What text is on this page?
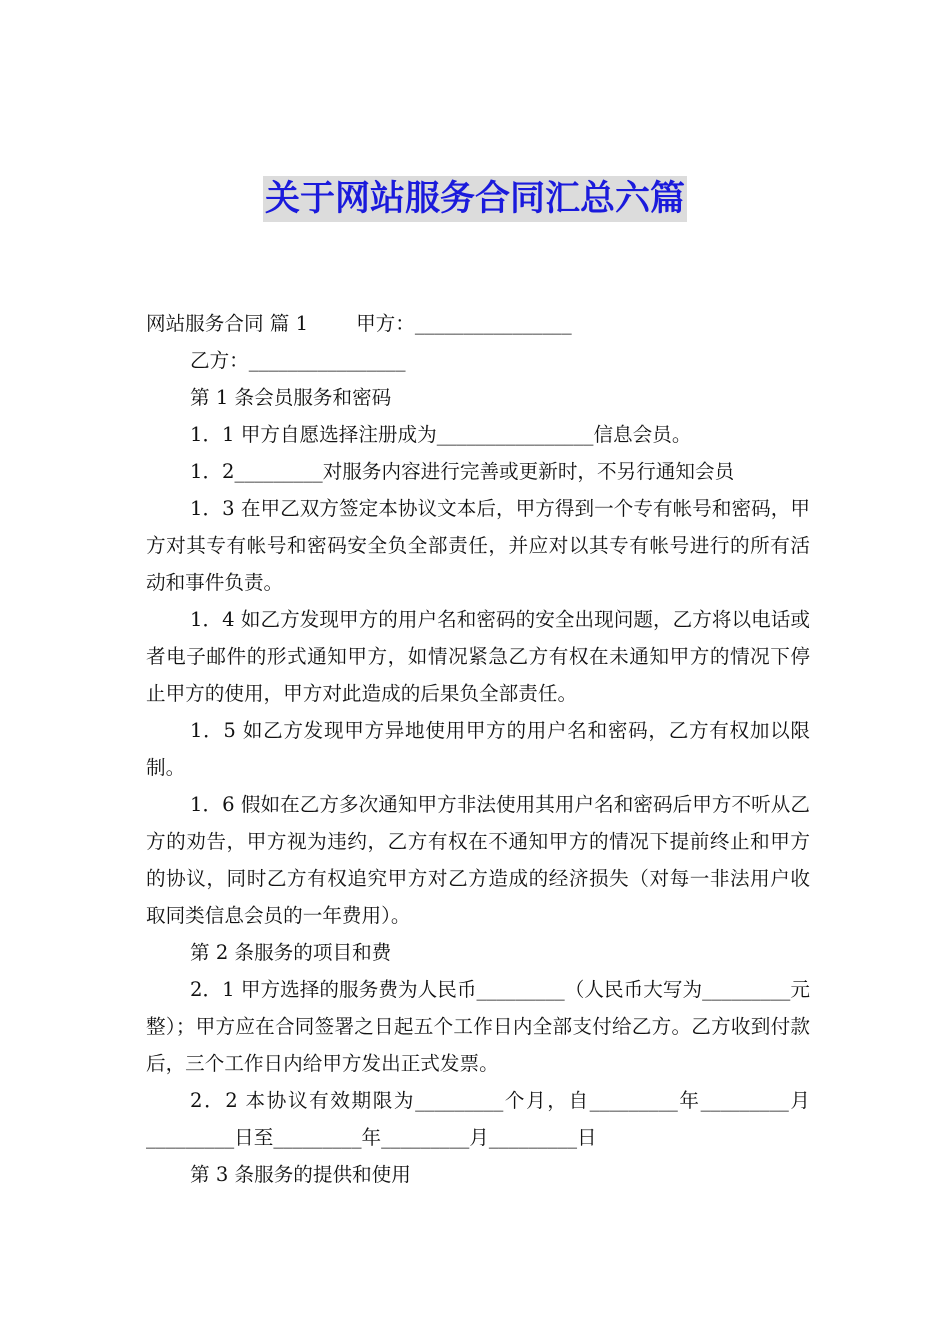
关于网站服务合同汇总六篇

网站服务合同 篇 1 甲方：________________

乙方：________________

第 1 条会员服务和密码

1．1 甲方自愿选择注册成为________________信息会员。

1．2_________对服务内容进行完善或更新时，不另行通知会员

1．3 在甲乙双方签定本协议文本后，甲方得到一个专有帐号和密码，甲方对其专有帐号和密码安全负全部责任，并应对以其专有帐号进行的所有活动和事件负责。

1．4 如乙方发现甲方的用户名和密码的安全出现问题，乙方将以电话或者电子邮件的形式通知甲方，如情况紧急乙方有权在未通知甲方的情况下停止甲方的使用，甲方对此造成的后果负全部责任。

1．5 如乙方发现甲方异地使用甲方的用户名和密码，乙方有权加以限制。

1．6 假如在乙方多次通知甲方非法使用其用户名和密码后甲方不听从乙方的劝告，甲方视为违约，乙方有权在不通知甲方的情况下提前终止和甲方的协议，同时乙方有权追究甲方对乙方造成的经济损失（对每一非法用户收取同类信息会员的一年费用）。

第 2 条服务的项目和费

2．1 甲方选择的服务费为人民币_________（人民币大写为_________元整）；甲方应在合同签署之日起五个工作日内全部支付给乙方。乙方收到付款后，三个工作日内给甲方发出正式发票。

2．2 本协议有效期限为_________个月，自_________年_________月_________日至_________年_________月_________日

第 3 条服务的提供和使用
